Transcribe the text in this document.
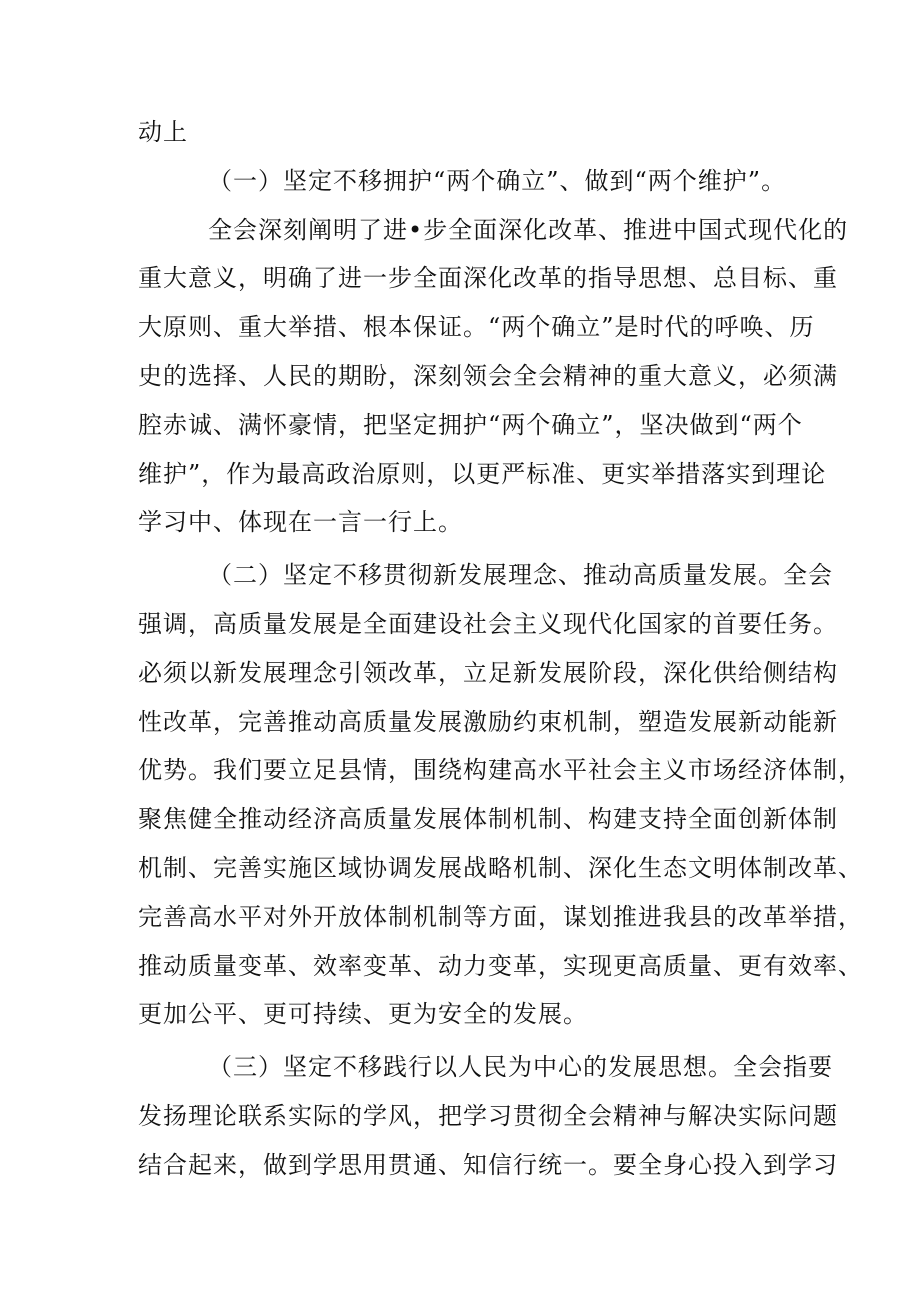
动上
（一）坚定不移拥护“两个确立”、做到“两个维护”。
全会深刻阐明了进•步全面深化改革、推进中国式现代化的
重大意义，明确了进一步全面深化改革的指导思想、总目标、重
大原则、重大举措、根本保证。“两个确立”是时代的呼唤、历
史的选择、人民的期盼，深刻领会全会精神的重大意义，必须满
腔赤诚、满怀豪情，把坚定拥护“两个确立”，坚决做到“两个
维护”，作为最高政治原则，以更严标准、更实举措落实到理论
学习中、体现在一言一行上。
（二）坚定不移贯彻新发展理念、推动高质量发展。全会
强调，高质量发展是全面建设社会主义现代化国家的首要任务。
必须以新发展理念引领改革，立足新发展阶段，深化供给侧结构
性改革，完善推动高质量发展激励约束机制，塑造发展新动能新
优势。我们要立足县情，围绕构建高水平社会主义市场经济体制，
聚焦健全推动经济高质量发展体制机制、构建支持全面创新体制
机制、完善实施区域协调发展战略机制、深化生态文明体制改革、
完善高水平对外开放体制机制等方面，谋划推进我县的改革举措，
推动质量变革、效率变革、动力变革，实现更高质量、更有效率、
更加公平、更可持续、更为安全的发展。
（三）坚定不移践行以人民为中心的发展思想。全会指要
发扬理论联系实际的学风，把学习贯彻全会精神与解决实际问题
结合起来，做到学思用贯通、知信行统一。要全身心投入到学习
